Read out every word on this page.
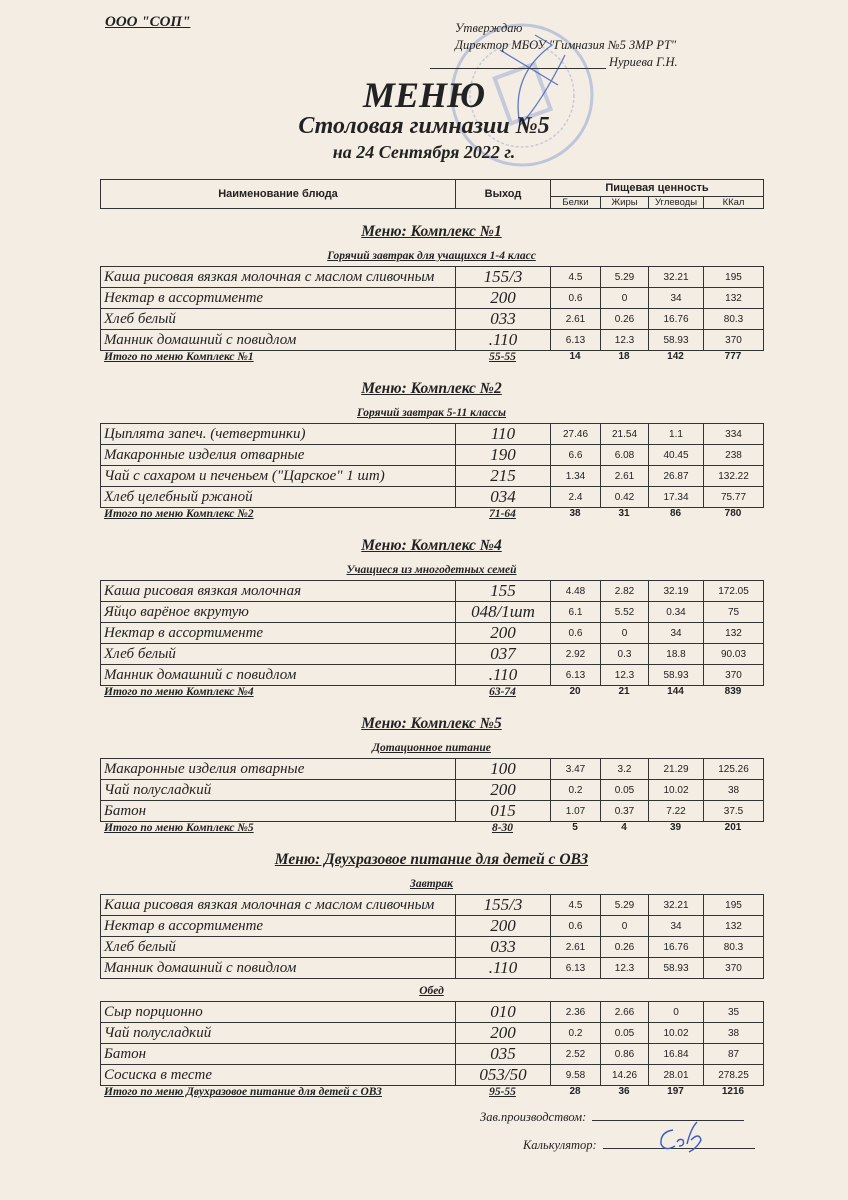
ООО "СОП"	Утверждаю
Директор МБОУ "Гимназия №5 ЗМР РТ"
Нуриева Г.Н.
МЕНЮ
Столовая гимназии №5
на 24 Сентября 2022 г.
Наименование блюда	Выход	Пищевая ценность			
		Белки	Жиры	Углеводы	ККал
Меню: Комплекс №1
Горячий завтрак для учащихся 1-4 класс
Каша рисовая вязкая молочная с маслом сливочным	155/3	4.5	5.29	32.21	195
Нектар в ассортименте	200	0.6	0	34	132
Хлеб белый	033	2.61	0.26	16.76	80.3
Манник домашний с повидлом	.110	6.13	12.3	58.93	370
Итого по меню Комплекс №1	55-55	14	18	142	777
Меню: Комплекс №2
Горячий завтрак 5-11 классы
Цыплята запеч. (четвертинки)	110	27.46	21.54	1.1	334
Макаронные изделия отварные	190	6.6	6.08	40.45	238
Чай с сахаром и печеньем ("Царское" 1 шт)	215	1.34	2.61	26.87	132.22
Хлеб целебный ржаной	034	2.4	0.42	17.34	75.77
Итого по меню Комплекс №2	71-64	38	31	86	780
Меню: Комплекс №4
Учащиеся из многодетных семей
Каша рисовая вязкая молочная	155	4.48	2.82	32.19	172.05
Яйцо варёное вкрутую	048/1шт	6.1	5.52	0.34	75
Нектар в ассортименте	200	0.6	0	34	132
Хлеб белый	037	2.92	0.3	18.8	90.03
Манник домашний с повидлом	.110	6.13	12.3	58.93	370
Итого по меню Комплекс №4	63-74	20	21	144	839
Меню: Комплекс №5
Дотационное питание
Макаронные изделия отварные	100	3.47	3.2	21.29	125.26
Чай полусладкий	200	0.2	0.05	10.02	38
Батон	015	1.07	0.37	7.22	37.5
Итого по меню Комплекс №5	8-30	5	4	39	201
Меню: Двухразовое питание для детей с ОВЗ
Завтрак
Каша рисовая вязкая молочная с маслом сливочным	155/3	4.5	5.29	32.21	195
Нектар в ассортименте	200	0.6	0	34	132
Хлеб белый	033	2.61	0.26	16.76	80.3
Манник домашний с повидлом	.110	6.13	12.3	58.93	370
Обед
Сыр порционно	010	2.36	2.66	0	35
Чай полусладкий	200	0.2	0.05	10.02	38
Батон	035	2.52	0.86	16.84	87
Сосиска в тесте	053/50	9.58	14.26	28.01	278.25
Итого по меню Двухразовое питание для детей с ОВЗ	95-55	28	36	197	1216
Зав.производством:
Калькулятор:
